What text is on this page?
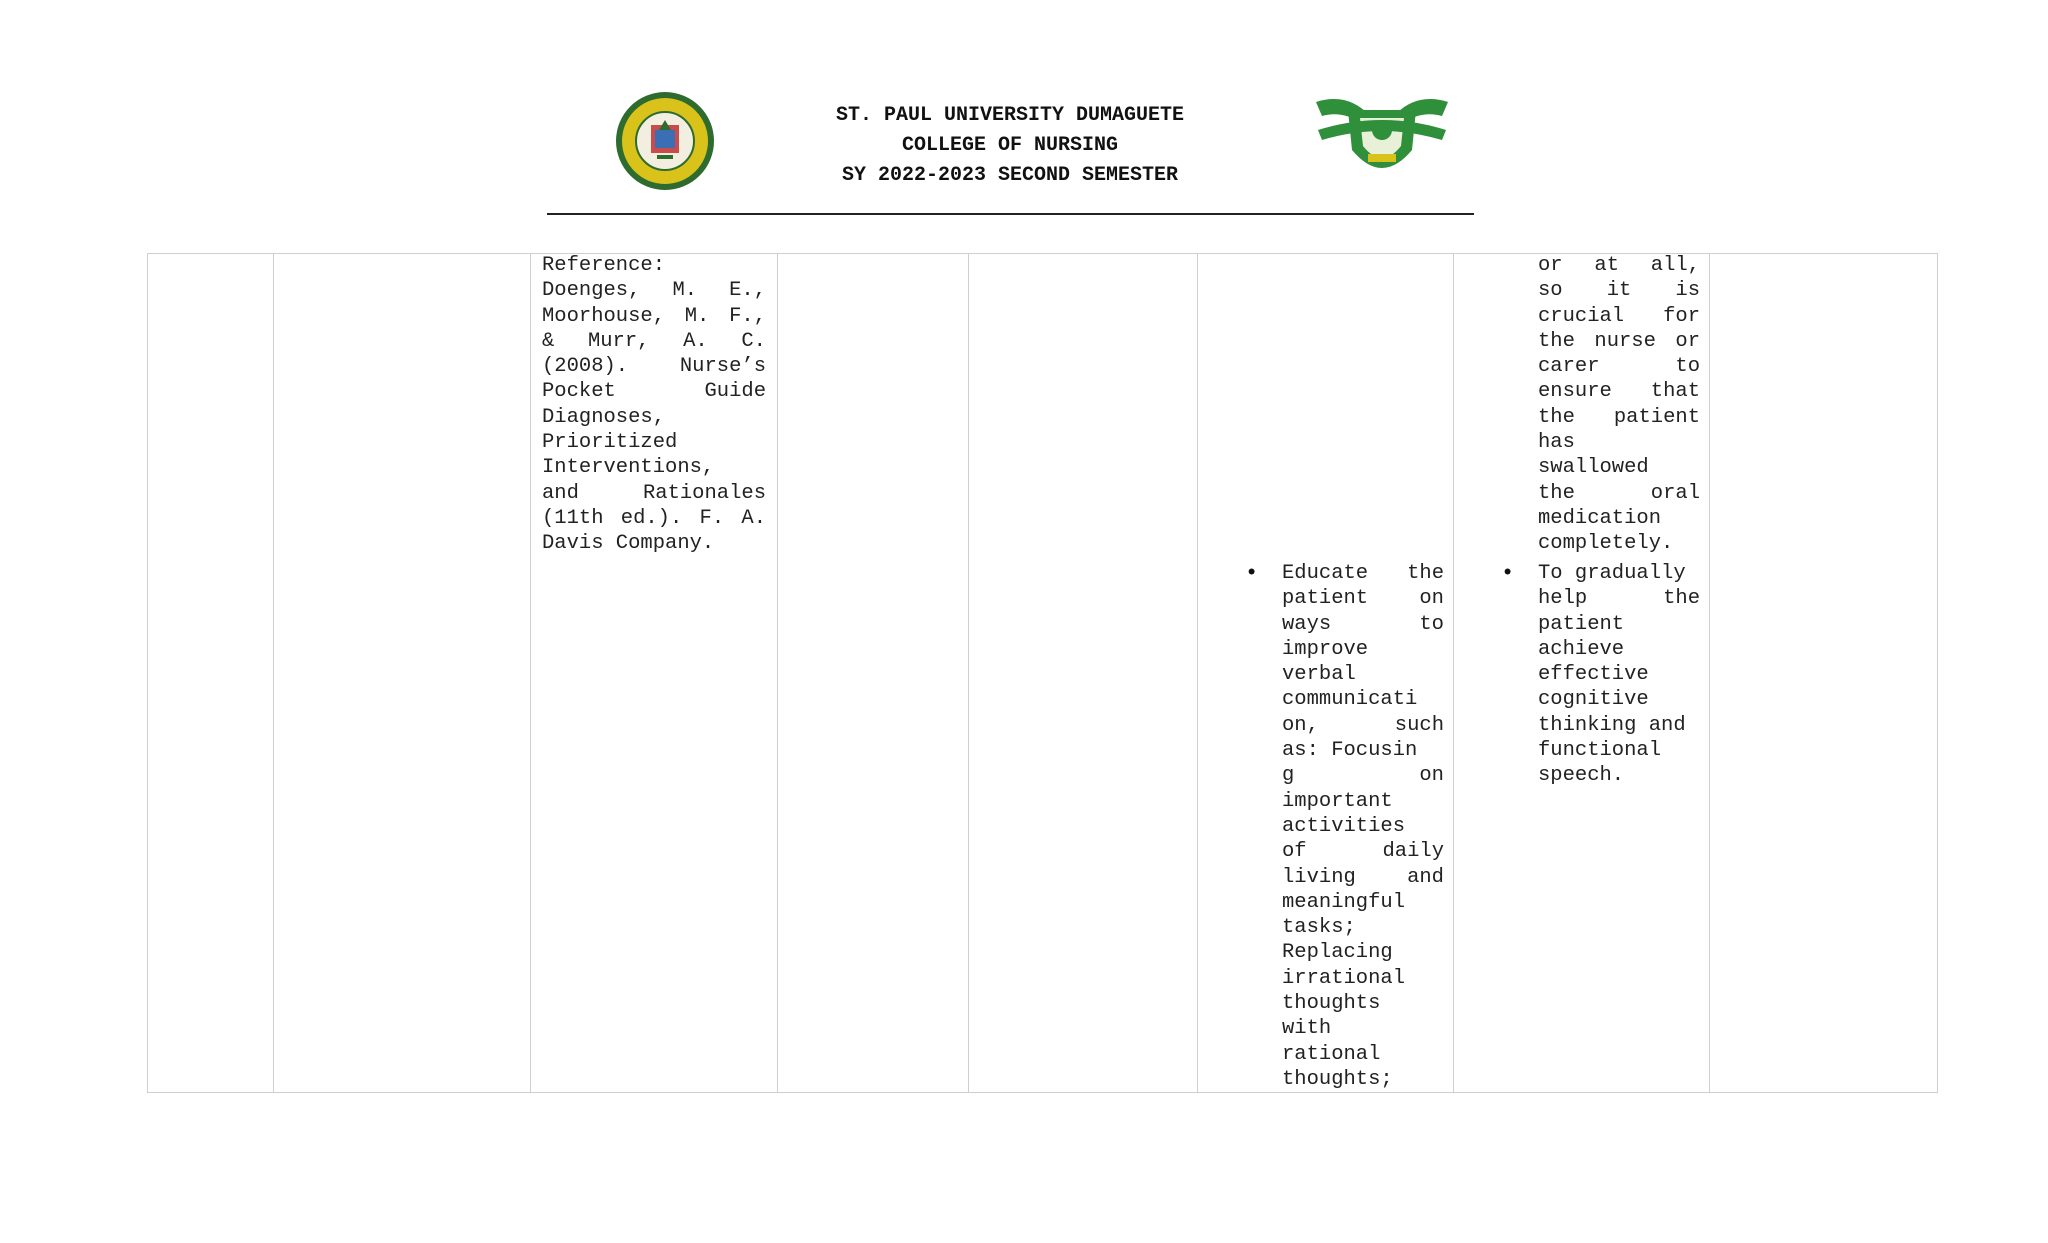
ST. PAUL UNIVERSITY DUMAGUETE
COLLEGE OF NURSING
SY 2022-2023 SECOND SEMESTER
Reference:
Doenges, M. E.,
Moorhouse, M. F.,
& Murr, A. C.
(2008). Nurse’s
Pocket Guide
Diagnoses,
Prioritized
Interventions,
and Rationales
(11th ed.). F. A.
Davis Company.
• Educate the
patient on
ways to
improve
verbal
communicati
on, such
as: Focusin
g on
important
activities
of daily
living and
meaningful
tasks;
Replacing
irrational
thoughts
with
rational
thoughts;
or at all,
so it is
crucial for
the nurse or
carer to
ensure that
the patient
has
swallowed
the oral
medication
completely.
• To gradually
help the
patient
achieve
effective
cognitive
thinking and
functional
speech.
